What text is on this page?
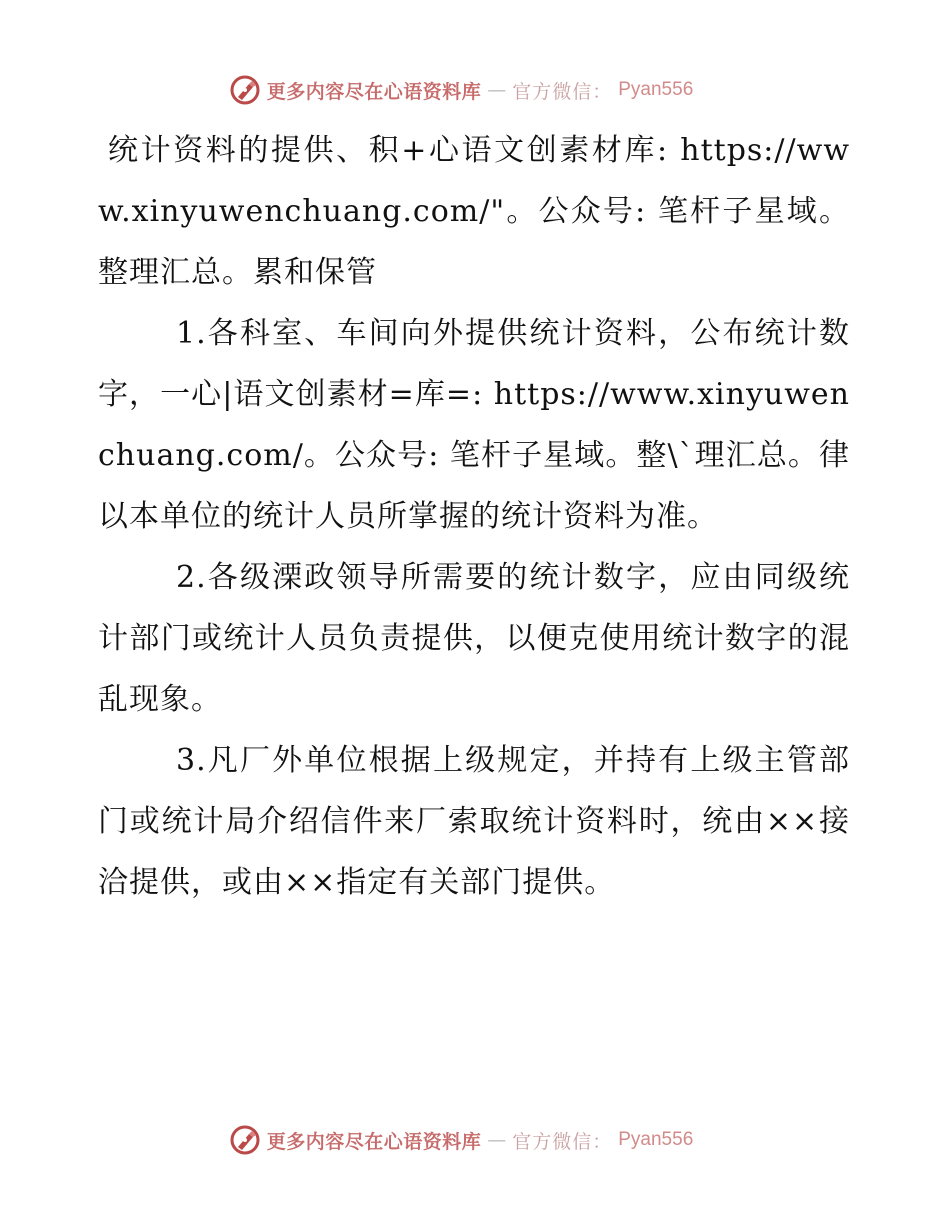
更多内容尽在心语资料库 — 官方微信： Pyan556

统计资料的提供、积+心语文创素材库: https://www.xinyuwenchuang.com/"。公众号: 笔杆子星域。整理汇总。累和保管

1.各科室、车间向外提供统计资料，公布统计数字，一心|语文创素材=库=: https://www.xinyuwenchuang.com/。公众号: 笔杆子星域。整\`理汇总。律以本单位的统计人员所掌握的统计资料为准。

2.各级溧政领导所需要的统计数字，应由同级统计部门或统计人员负责提供，以便克使用统计数字的混乱现象。

3.凡厂外单位根据上级规定，并持有上级主管部门或统计局介绍信件来厂索取统计资料时，统由××接洽提供，或由××指定有关部门提供。

更多内容尽在心语资料库 — 官方微信： Pyan556
